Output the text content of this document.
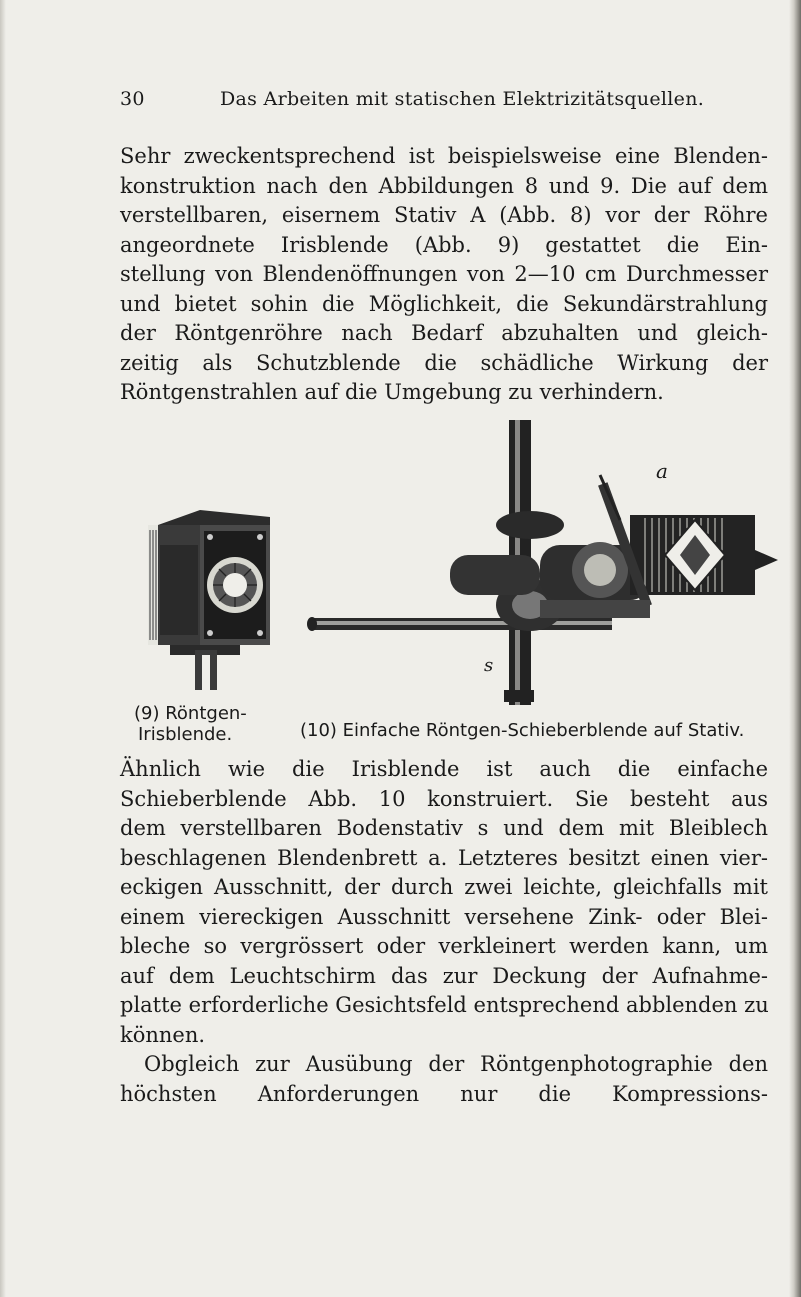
30	Das Arbeiten mit statischen Elektrizitätsquellen.
Sehr zweckentsprechend ist beispielsweise eine Blenden-
konstruktion nach den Abbildungen 8 und 9. Die auf dem
verstellbaren, eisernem Stativ A (Abb. 8) vor der Röhre
angeordnete Irisblende (Abb. 9) gestattet die Ein-
stellung von Blendenöffnungen von 2—10 cm Durchmesser
und bietet sohin die Möglichkeit, die Sekundärstrahlung
der Röntgenröhre nach Bedarf abzuhalten und gleich-
zeitig als Schutzblende die schädliche Wirkung der
Röntgenstrahlen auf die Umgebung zu verhindern.
(9) Röntgen-
Irisblende.
a
s
(10) Einfache Röntgen-Schieberblende auf Stativ.
Ähnlich wie die Irisblende ist auch die einfache
Schieberblende Abb. 10 konstruiert. Sie besteht aus
dem verstellbaren Bodenstativ s und dem mit Bleiblech
beschlagenen Blendenbrett a. Letzteres besitzt einen vier-
eckigen Ausschnitt, der durch zwei leichte, gleichfalls mit
einem viereckigen Ausschnitt versehene Zink- oder Blei-
bleche so vergrössert oder verkleinert werden kann, um
auf dem Leuchtschirm das zur Deckung der Aufnahme-
platte erforderliche Gesichtsfeld entsprechend abblenden zu
können.
Obgleich zur Ausübung der Röntgenphotographie den
höchsten Anforderungen nur die Kompressions-
